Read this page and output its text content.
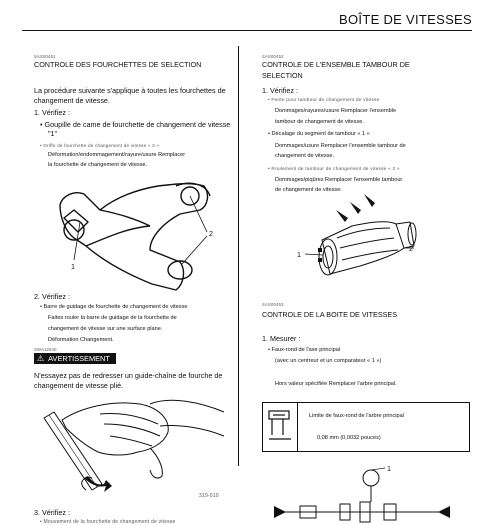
BOÎTE DE VITESSES
SAS00451
CONTROLE DES FOURCHETTES DE SELECTION
La procédure suivante s'applique à toutes les fourchettes de
changement de vitesse.
1. Vérifiez :
• Goupille de came de fourchette de changement de vitesse
"1"
• Griffe de fourchette de changement de vitesse « 2 »
Déformation/endommagement/rayure/usure Remplacer
la fourchette de changement de vitesse.
1
2
2. Vérifiez :
• Barre de guidage de fourchette de changement de vitesse
Faites rouler la barre de guidage de la fourchette de
changement de vitesse sur une surface plane.
Déformation Changement.
SWA12840
⚠ AVERTISSEMENT
N'essayez pas de redresser un guide-chaîne de fourche de
changement de vitesse plié.
319-010
3. Vérifiez :
• Mouvement de la fourchette de changement de vitesse
SAS00452
CONTROLE DE L'ENSEMBLE TAMBOUR DE
SELECTION
1. Vérifiez :
• Fente pour tambour de changement de vitesse
Dommages/rayures/usure Remplacer l'ensemble
tambour de changement de vitesse.
• Décalage du segment de tambour « 1 »
Dommages/usure Remplacer l'ensemble tambour de
changement de vitesse.
• Roulement de tambour de changement de vitesse « 2 »
Dommages/piqûres Remplacer l'ensemble tambour
de changement de vitesse.
1
2
SAS00453
CONTROLE DE LA BOITE DE VITESSES
1. Mesurer :
• Faux-rond de l'axe principal
(avec un centreur et un comparateur « 1 »)
Hors valeur spécifiée Remplacer l'arbre principal.
Limite de faux-rond de l'arbre principal
0,08 mm (0,0032 pouces)
1
